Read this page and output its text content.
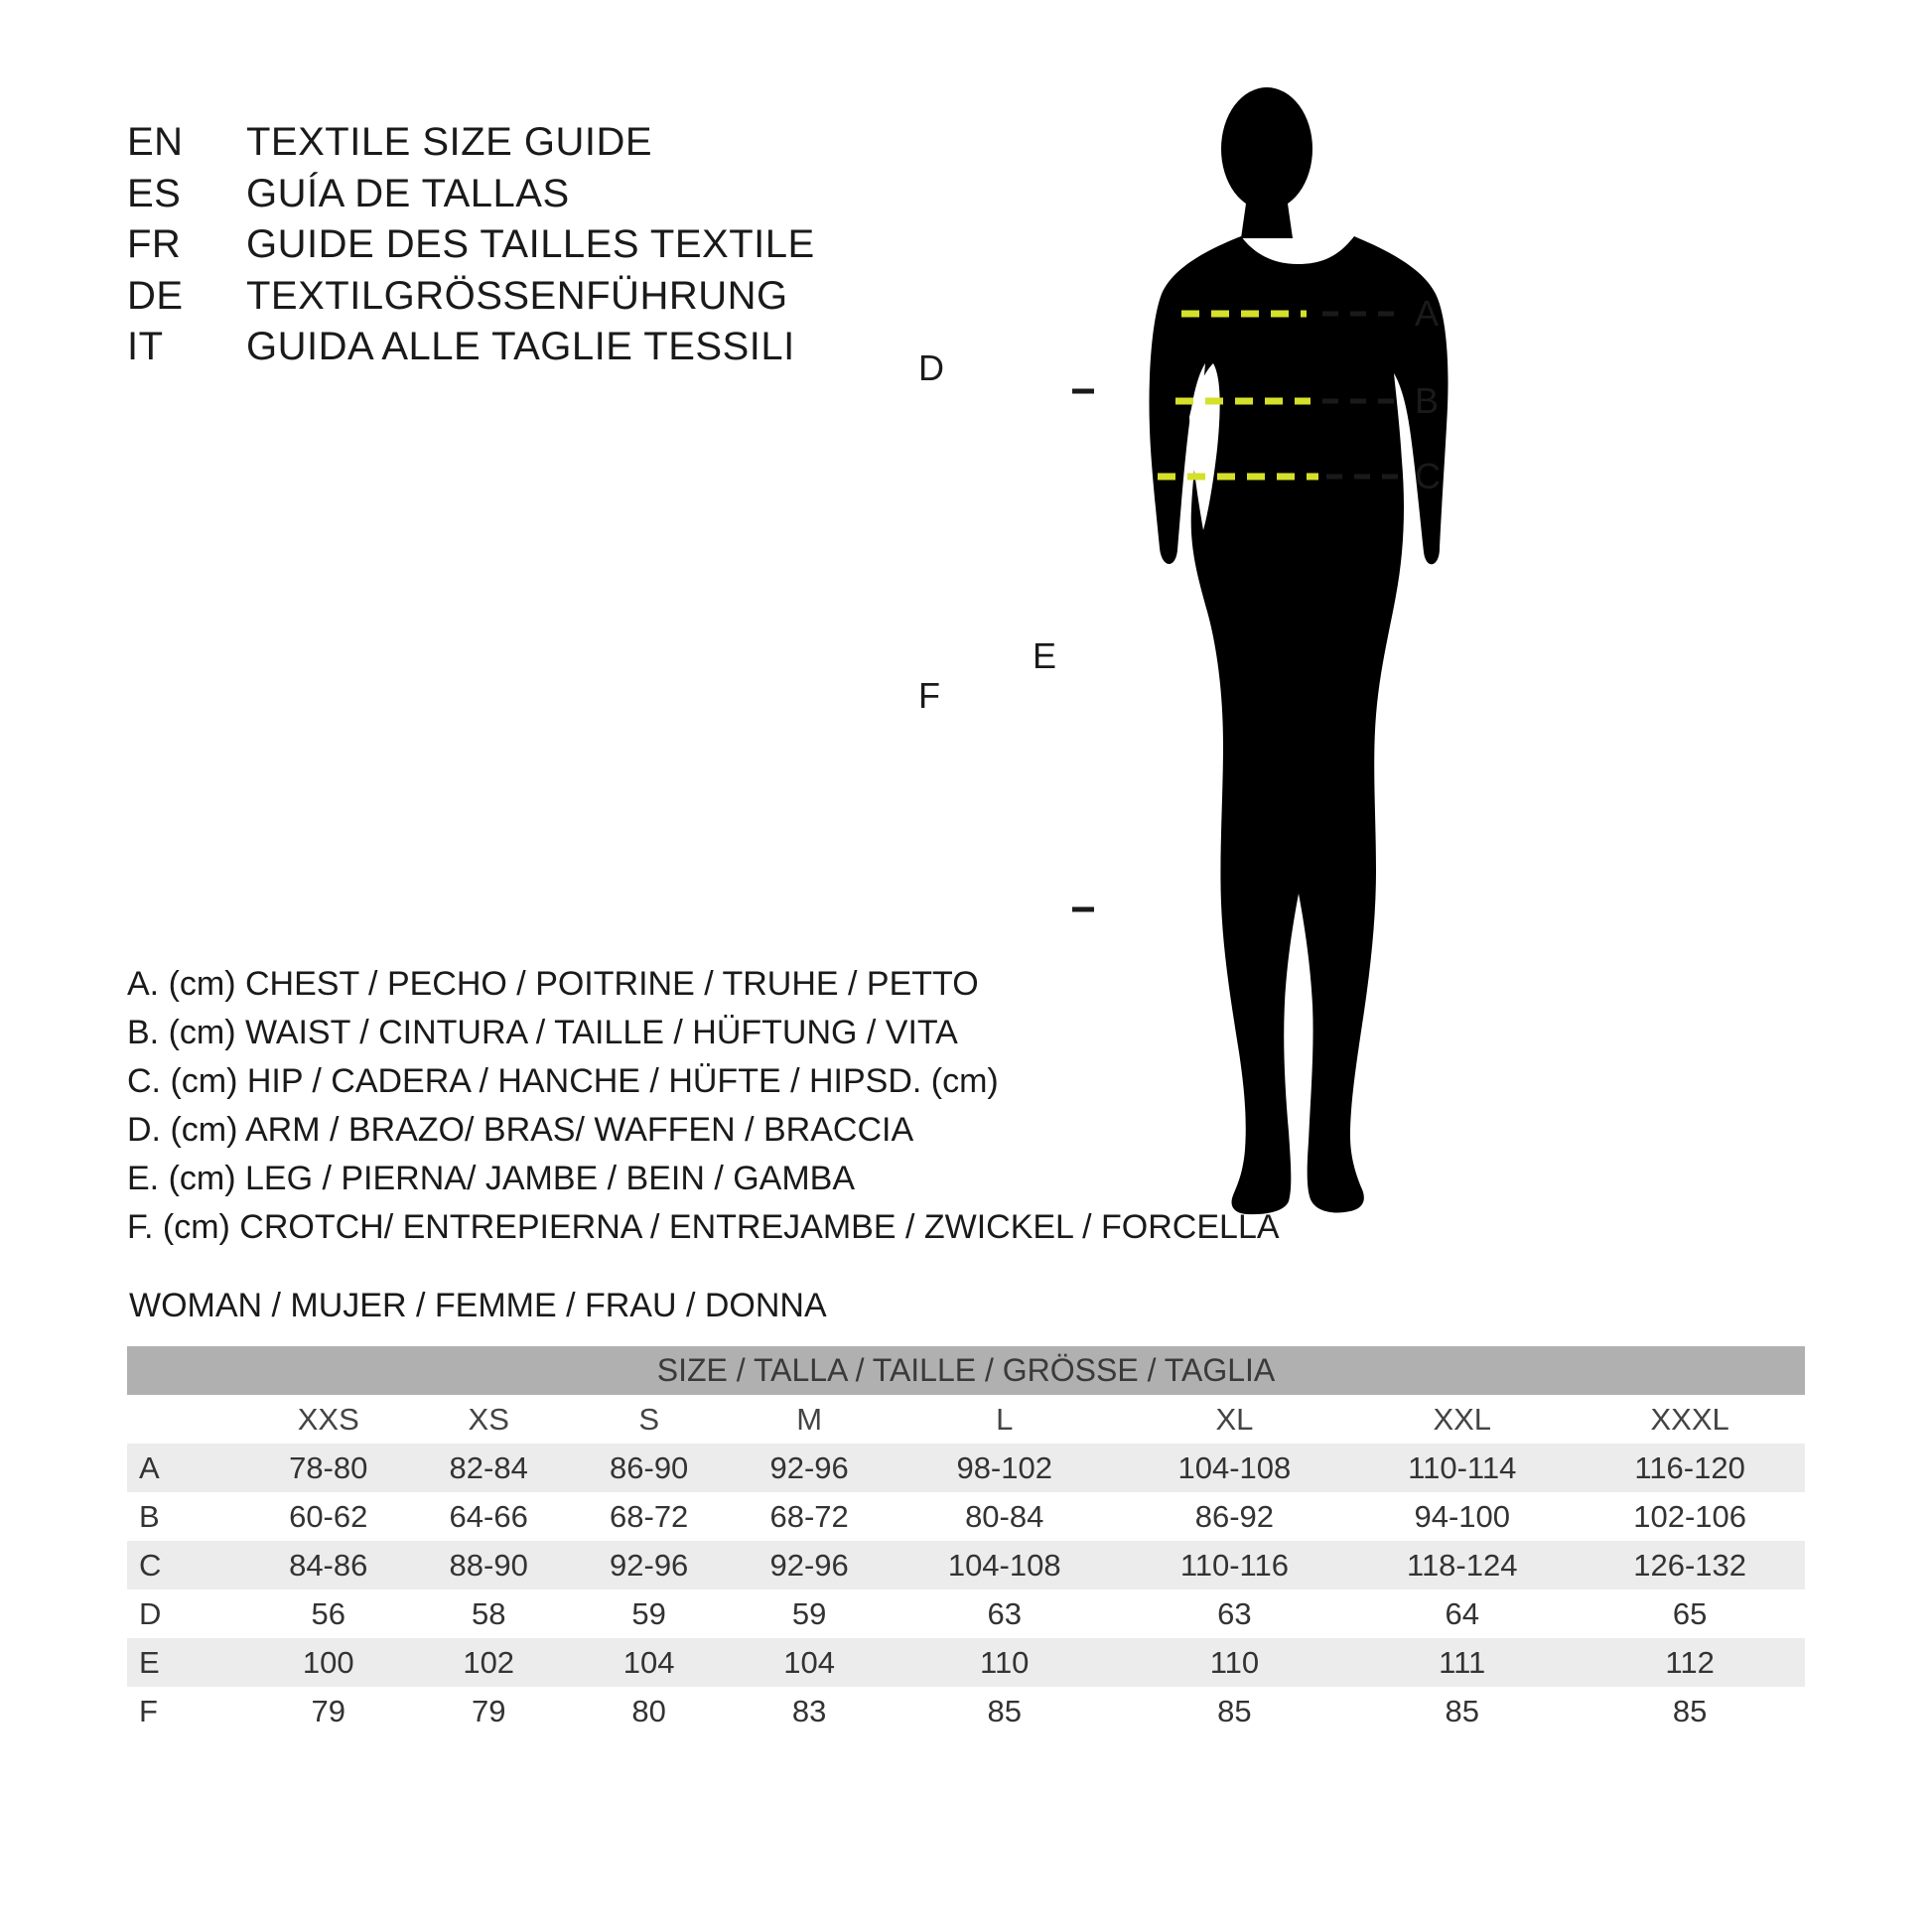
EN	TEXTILE SIZE GUIDE
ES	GUÍA DE TALLAS
FR	GUIDE DES TAILLES TEXTILE
DE	TEXTILGRÖSSENFÜHRUNG
IT	GUIDA ALLE TAGLIE TESSILI
A. (cm) CHEST / PECHO / POITRINE / TRUHE / PETTO
B. (cm) WAIST / CINTURA / TAILLE / HÜFTUNG / VITA
C. (cm) HIP / CADERA / HANCHE / HÜFTE / HIPSD. (cm)
D. (cm) ARM / BRAZO/ BRAS/ WAFFEN / BRACCIA
E. (cm) LEG / PIERNA/ JAMBE / BEIN / GAMBA
F. (cm) CROTCH/ ENTREPIERNA / ENTREJAMBE / ZWICKEL / FORCELLA
WOMAN / MUJER / FEMME / FRAU / DONNA
SIZE / TALLA / TAILLE / GRÖSSE / TAGLIA								
	XXS	XS	S	M	L	XL	XXL	XXXL
A	78-80	82-84	86-90	92-96	98-102	104-108	110-114	116-120
B	60-62	64-66	68-72	68-72	80-84	86-92	94-100	102-106
C	84-86	88-90	92-96	92-96	104-108	110-116	118-124	126-132
D	56	58	59	59	63	63	64	65
E	100	102	104	104	110	110	111	112
F	79	79	80	83	85	85	85	85
A
B
C
D
E
F
